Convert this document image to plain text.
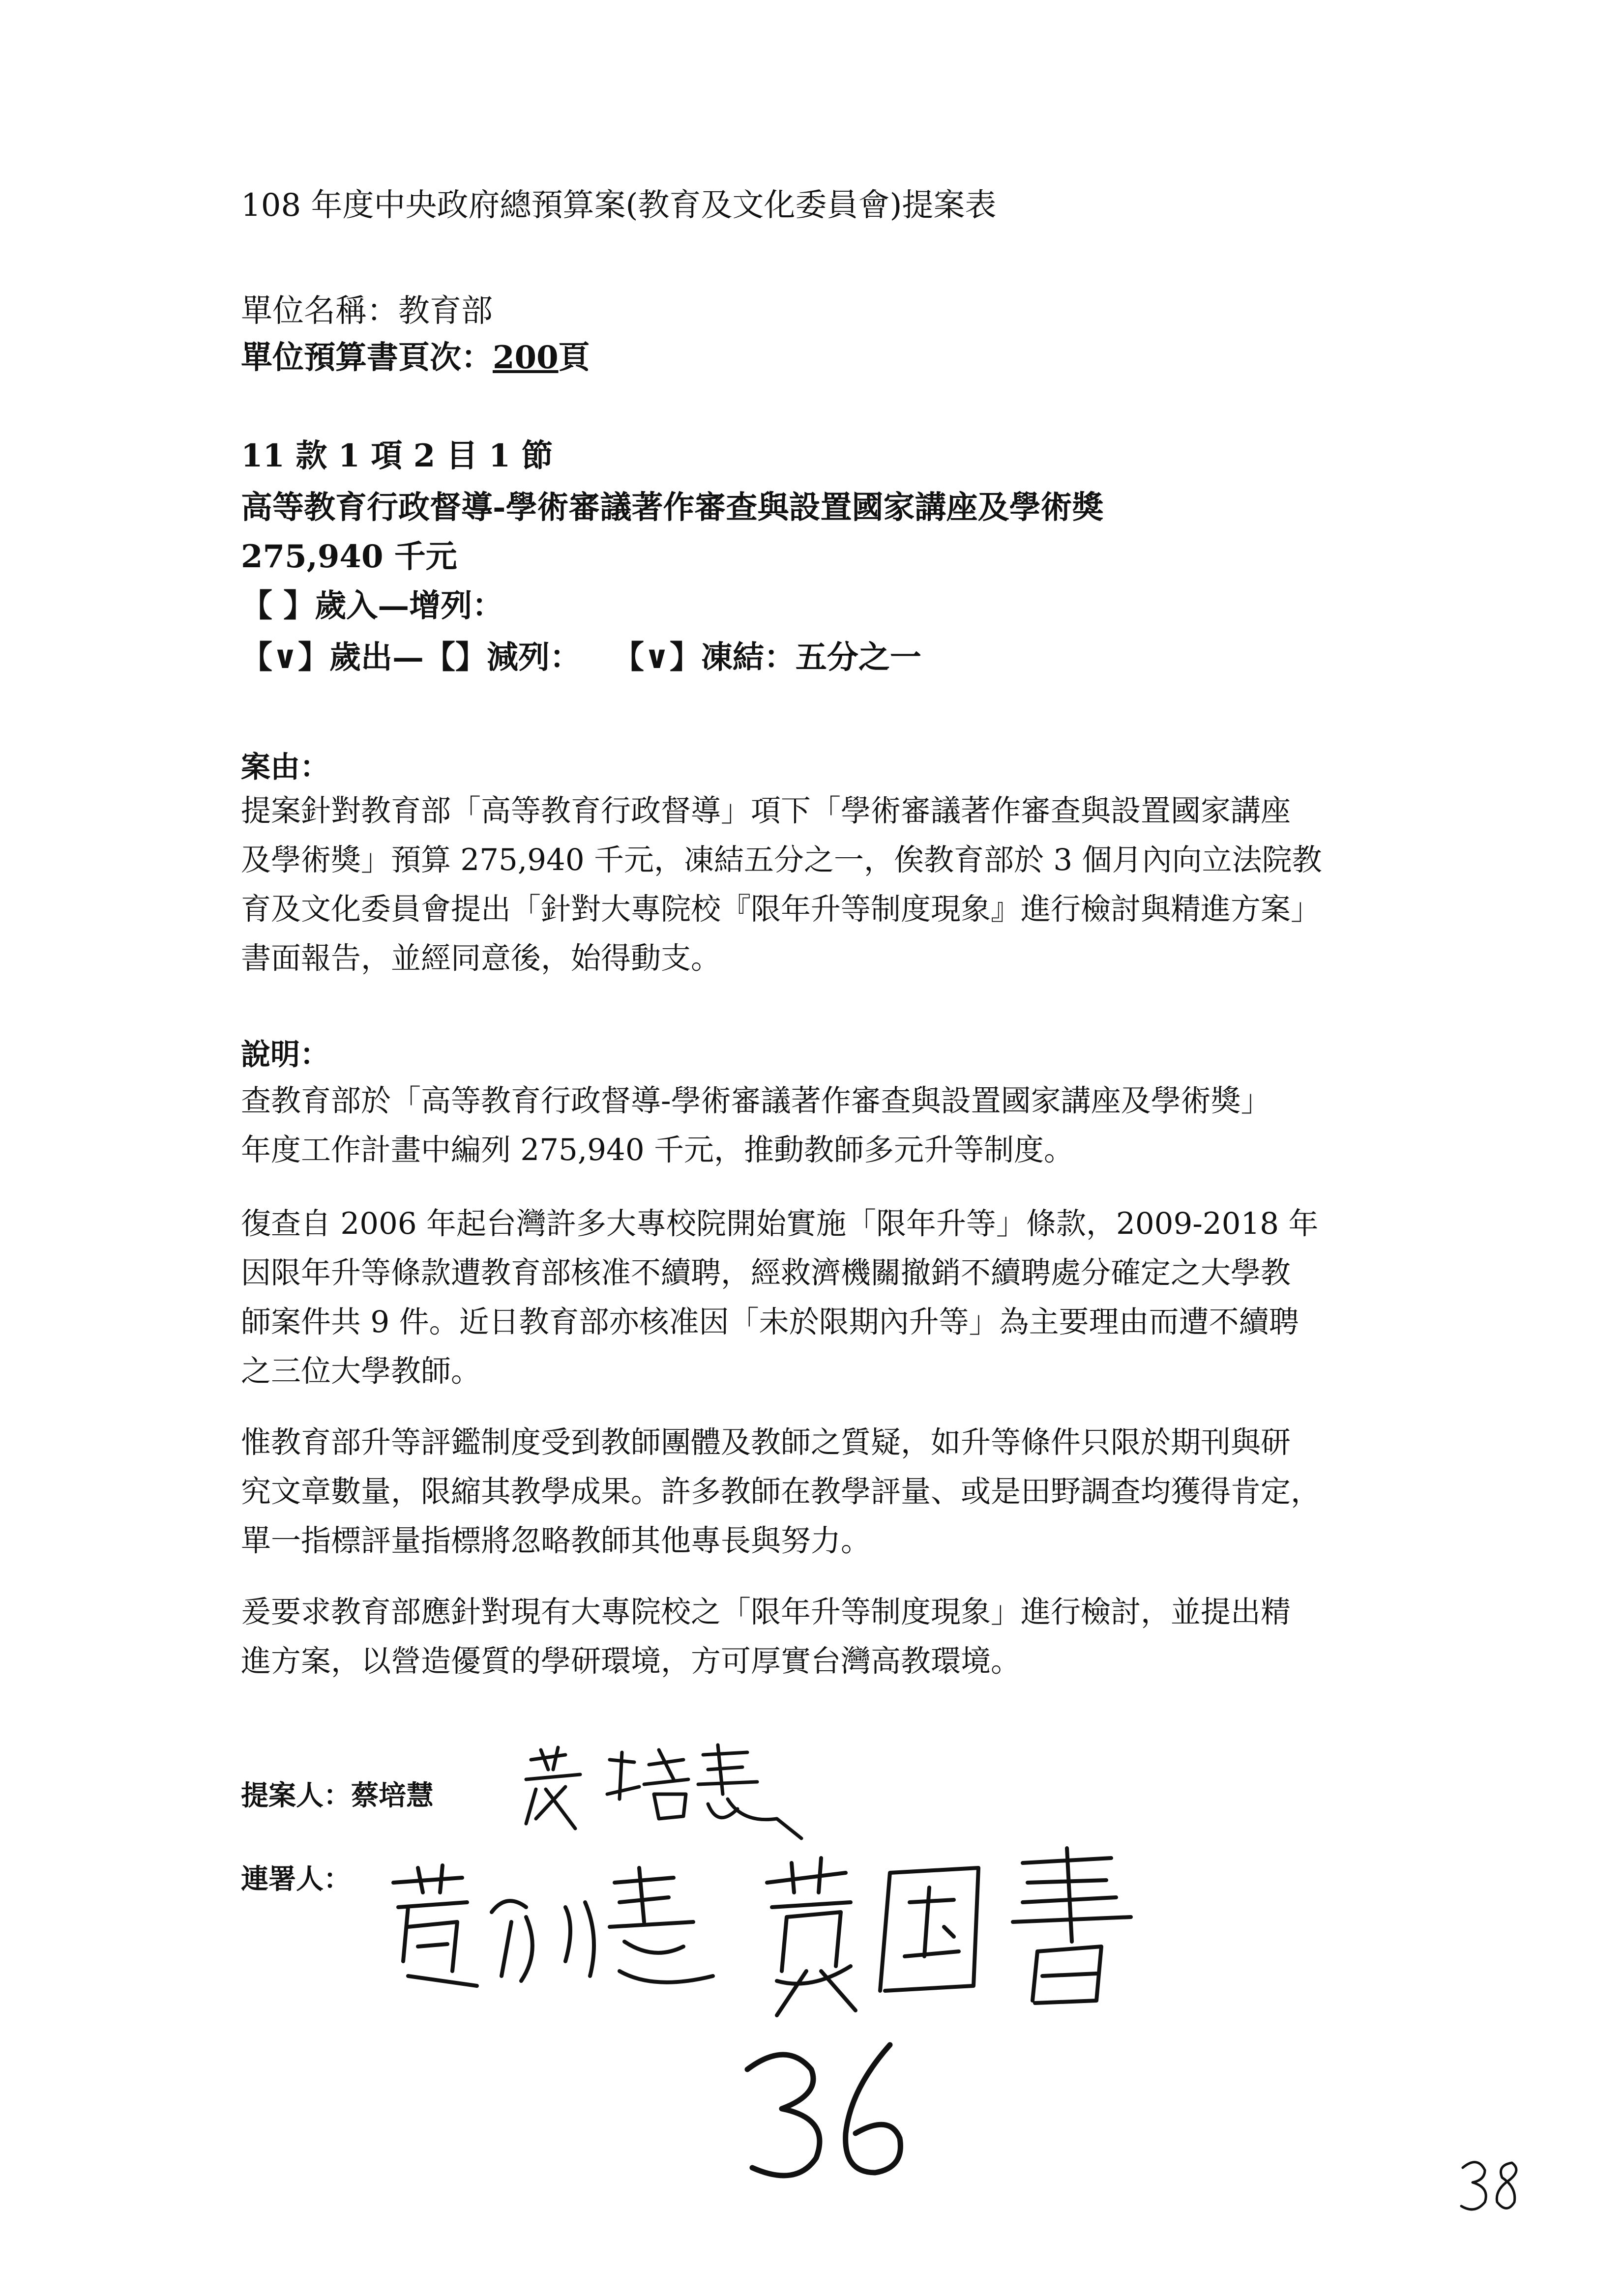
108 年度中央政府總預算案(教育及文化委員會)提案表
單位名稱：教育部
單位預算書頁次：200頁
11 款 1 項 2 目 1 節
高等教育行政督導-學術審議著作審查與設置國家講座及學術獎
275,940 千元
【 】歲入—增列：
【∨】歲出—【】減列：　　【∨】凍結：五分之一
案由：
提案針對教育部「高等教育行政督導」項下「學術審議著作審查與設置國家講座
及學術獎」預算 275,940 千元，凍結五分之一，俟教育部於 3 個月內向立法院教
育及文化委員會提出「針對大專院校『限年升等制度現象』進行檢討與精進方案」
書面報告，並經同意後，始得動支。
說明：
查教育部於「高等教育行政督導-學術審議著作審查與設置國家講座及學術獎」
年度工作計畫中編列 275,940 千元，推動教師多元升等制度。
復查自 2006 年起台灣許多大專校院開始實施「限年升等」條款，2009-2018 年
因限年升等條款遭教育部核准不續聘，經救濟機關撤銷不續聘處分確定之大學教
師案件共 9 件。近日教育部亦核准因「未於限期內升等」為主要理由而遭不續聘
之三位大學教師。
惟教育部升等評鑑制度受到教師團體及教師之質疑，如升等條件只限於期刊與研
究文章數量，限縮其教學成果。許多教師在教學評量、或是田野調查均獲得肯定，
單一指標評量指標將忽略教師其他專長與努力。
爰要求教育部應針對現有大專院校之「限年升等制度現象」進行檢討，並提出精
進方案，以營造優質的學研環境，方可厚實台灣高教環境。
提案人：蔡培慧
連署人：
